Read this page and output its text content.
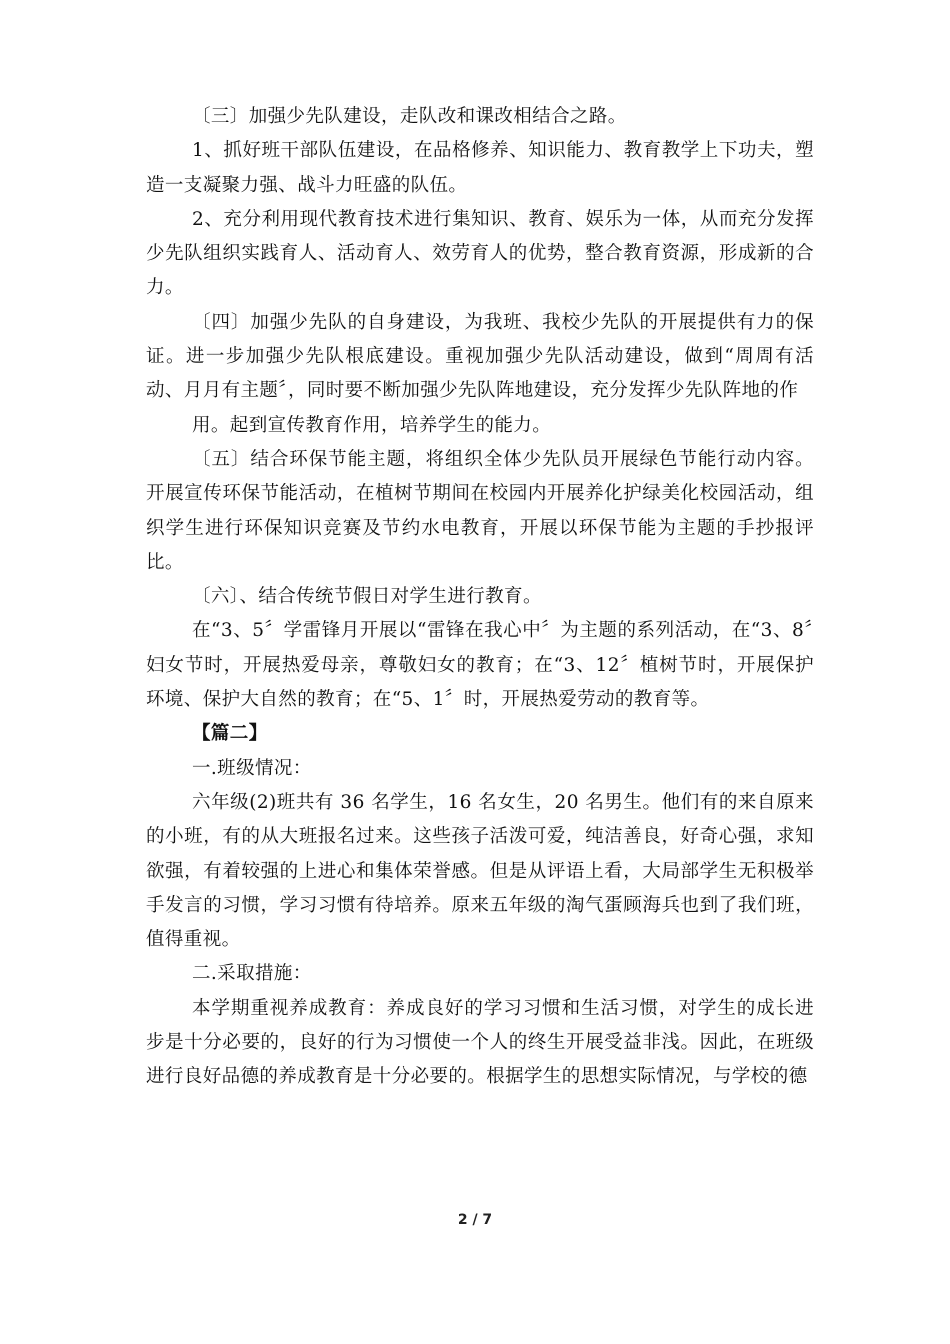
〔三〕加强少先队建设，走队改和课改相结合之路。

1、抓好班干部队伍建设，在品格修养、知识能力、教育教学上下功夫，塑造一支凝聚力强、战斗力旺盛的队伍。

2、充分利用现代教育技术进行集知识、教育、娱乐为一体，从而充分发挥少先队组织实践育人、活动育人、效劳育人的优势，整合教育资源，形成新的合力。

〔四〕加强少先队的自身建设，为我班、我校少先队的开展提供有力的保证。进一步加强少先队根底建设。重视加强少先队活动建设，做到“周周有活动、月月有主题〞，同时要不断加强少先队阵地建设，充分发挥少先队阵地的作

用。起到宣传教育作用，培养学生的能力。

〔五〕结合环保节能主题，将组织全体少先队员开展绿色节能行动内容。开展宣传环保节能活动，在植树节期间在校园内开展养化护绿美化校园活动，组织学生进行环保知识竞赛及节约水电教育，开展以环保节能为主题的手抄报评比。

〔六〕、结合传统节假日对学生进行教育。

在“3、5〞学雷锋月开展以“雷锋在我心中〞为主题的系列活动，在“3、8〞妇女节时，开展热爱母亲，尊敬妇女的教育；在“3、12〞植树节时，开展保护环境、保护大自然的教育；在“5、1〞时，开展热爱劳动的教育等。

【篇二】

一.班级情况：

六年级(2)班共有 36 名学生，16 名女生，20 名男生。他们有的来自原来的小班，有的从大班报名过来。这些孩子活泼可爱，纯洁善良，好奇心强，求知欲强，有着较强的上进心和集体荣誉感。但是从评语上看，大局部学生无积极举手发言的习惯，学习习惯有待培养。原来五年级的淘气蛋顾海兵也到了我们班，值得重视。

二.采取措施：

本学期重视养成教育：养成良好的学习习惯和生活习惯，对学生的成长进步是十分必要的，良好的行为习惯使一个人的终生开展受益非浅。因此，在班级进行良好品德的养成教育是十分必要的。根据学生的思想实际情况，与学校的德

2 / 7
